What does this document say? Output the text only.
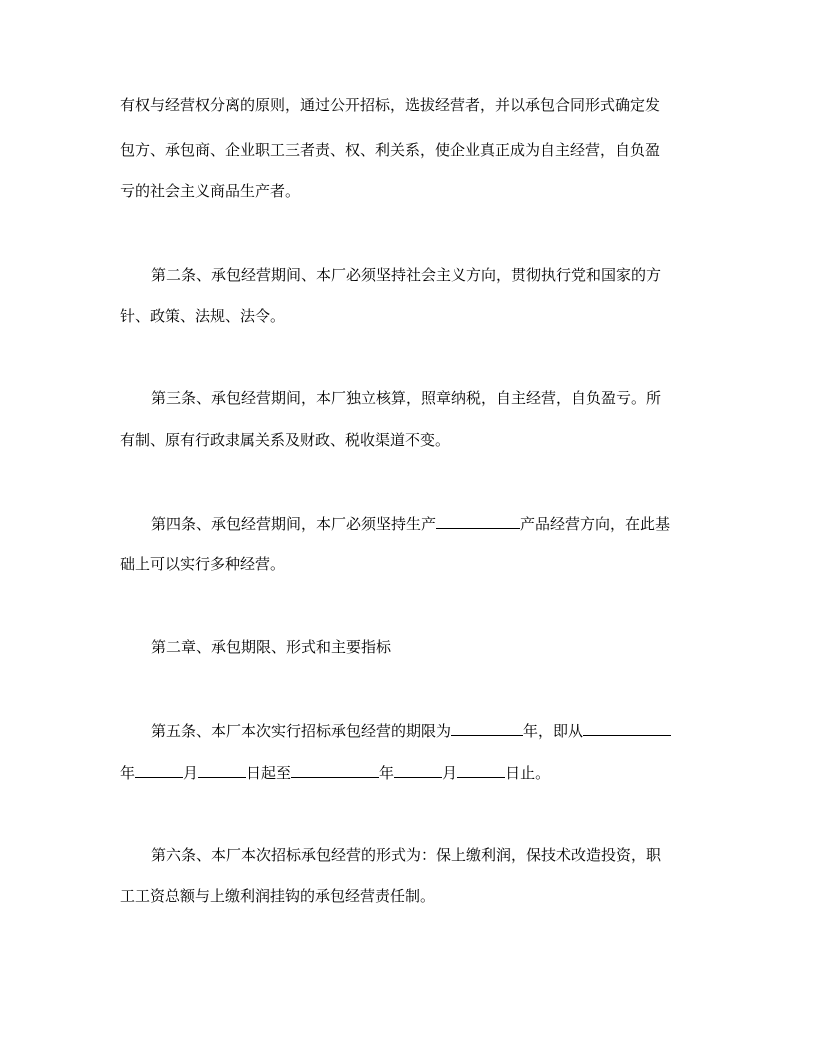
有权与经营权分离的原则，通过公开招标，选拔经营者，并以承包合同形式确定发
包方、承包商、企业职工三者责、权、利关系，使企业真正成为自主经营，自负盈
亏的社会主义商品生产者。
第二条、承包经营期间、本厂必须坚持社会主义方向，贯彻执行党和国家的方
针、政策、法规、法令。
第三条、承包经营期间，本厂独立核算，照章纳税，自主经营，自负盈亏。所
有制、原有行政隶属关系及财政、税收渠道不变。
第四条、承包经营期间，本厂必须坚持生产	产品经营方向，在此基
础上可以实行多种经营。
第二章、承包期限、形式和主要指标
第五条、本厂本次实行招标承包经营的期限为	年，即从
年	月	日起至	年	月	日止。
第六条、本厂本次招标承包经营的形式为：保上缴利润，保技术改造投资，职
工工资总额与上缴利润挂钩的承包经营责任制。
